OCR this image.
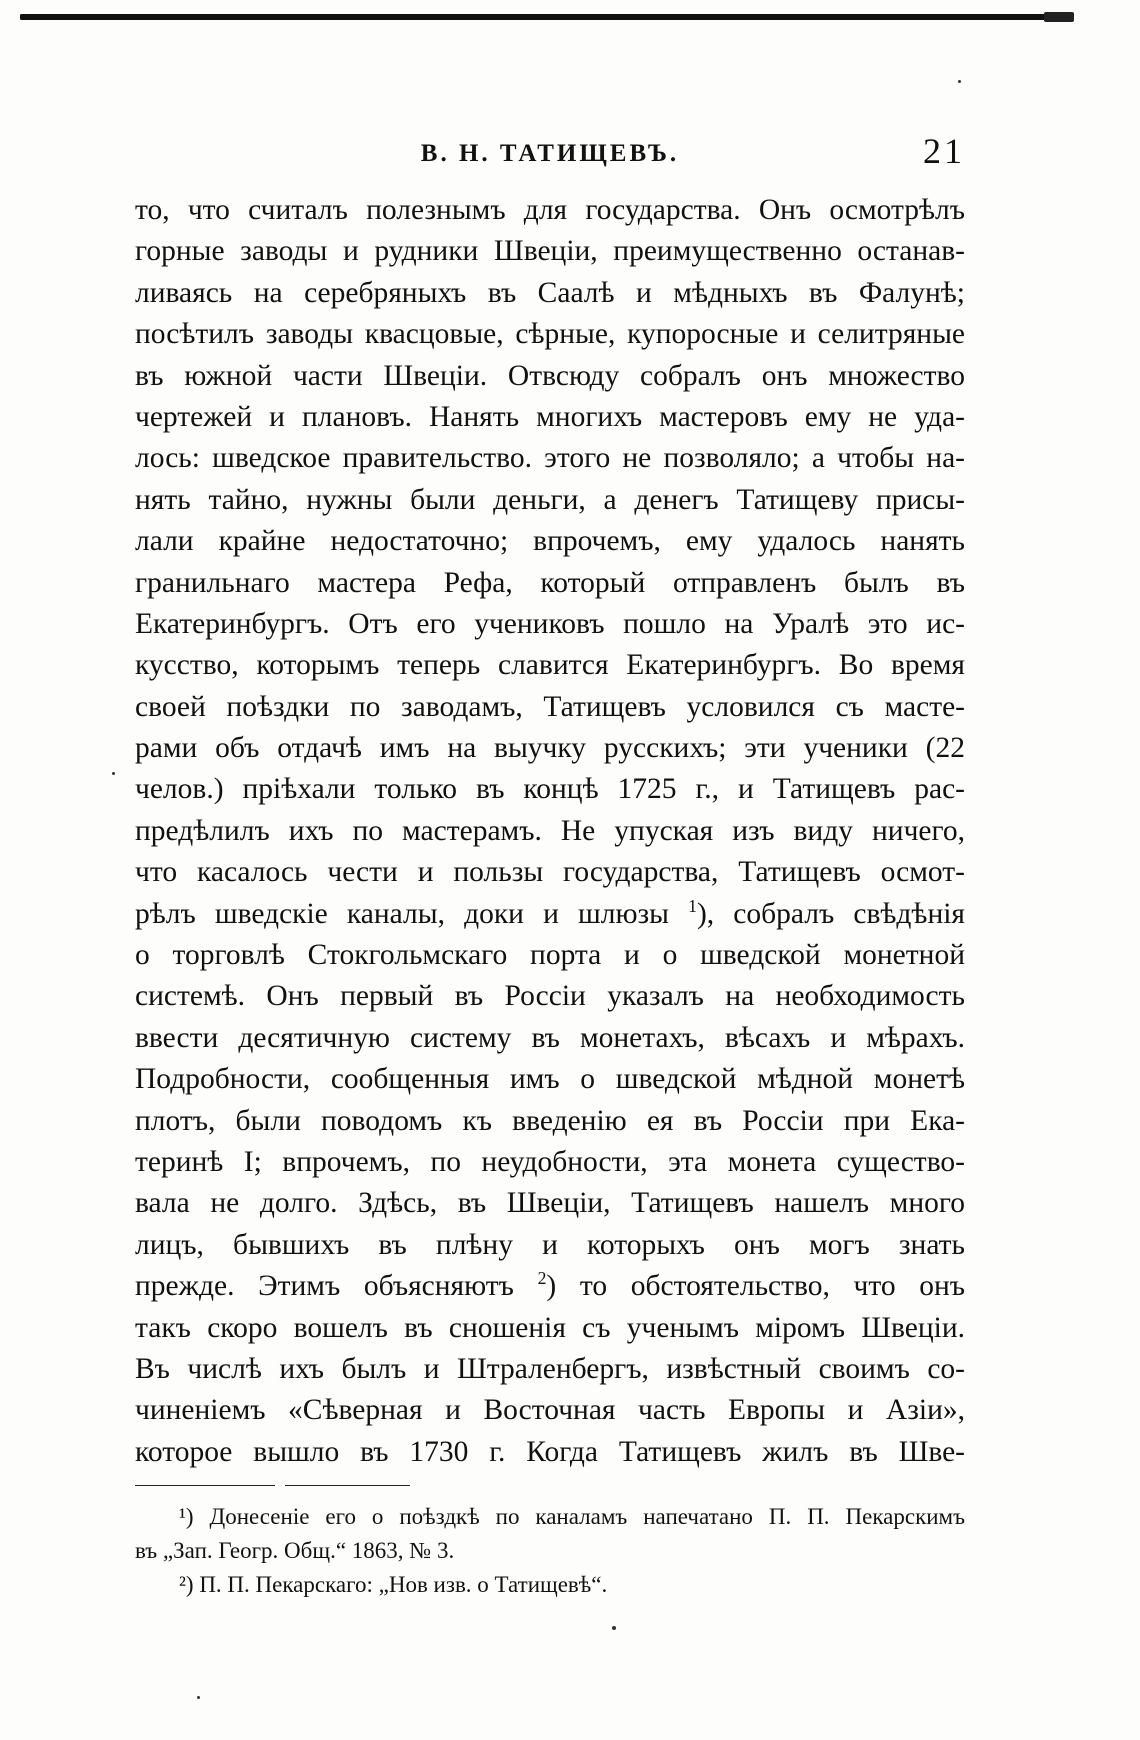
В. Н. ТАТИЩЕВЪ.	21
то, что считалъ полезнымъ для государства. Онъ осмотрѣлъ
горные заводы и рудники Швеціи, преимущественно останав-
ливаясь на серебряныхъ въ Саалѣ и мѣдныхъ въ Фалунѣ;
посѣтилъ заводы квасцовые, сѣрные, купоросные и селитряные
въ южной части Швеціи. Отвсюду собралъ онъ множество
чертежей и плановъ. Нанять многихъ мастеровъ ему не уда-
лось: шведское правительство. этого не позволяло; а чтобы на-
нять тайно, нужны были деньги, а денегъ Татищеву присы-
лали крайне недостаточно; впрочемъ, ему удалось нанять
гранильнаго мастера Рефа, который отправленъ былъ въ
Екатеринбургъ. Отъ его учениковъ пошло на Уралѣ это ис-
кусство, которымъ теперь славится Екатеринбургъ. Во время
своей поѣздки по заводамъ, Татищевъ условился съ масте-
рами объ отдачѣ имъ на выучку русскихъ; эти ученики (22
челов.) пріѣхали только въ концѣ 1725 г., и Татищевъ рас-
предѣлилъ ихъ по мастерамъ. Не упуская изъ виду ничего,
что касалось чести и пользы государства, Татищевъ осмот-
рѣлъ шведскіе каналы, доки и шлюзы $^1$), собралъ свѣдѣнія
о торговлѣ Стокгольмскаго порта и о шведской монетной
системѣ. Онъ первый въ Россіи указалъ на необходимость
ввести десятичную систему въ монетахъ, вѣсахъ и мѣрахъ.
Подробности, сообщенныя имъ о шведской мѣдной монетѣ
плотъ, были поводомъ къ введенію ея въ Россіи при Ека-
теринѣ I; впрочемъ, по неудобности, эта монета существо-
вала не долго. Здѣсь, въ Швеціи, Татищевъ нашелъ много
лицъ, бывшихъ въ плѣну и которыхъ онъ могъ знать
прежде. Этимъ объясняютъ $^2$) то обстоятельство, что онъ
такъ скоро вошелъ въ сношенія съ ученымъ міромъ Швеціи.
Въ числѣ ихъ былъ и Штраленбергъ, извѣстный своимъ со-
чиненіемъ «Сѣверная и Восточная часть Европы и Азіи»,
которое вышло въ 1730 г. Когда Татищевъ жилъ въ Шве-
¹) Донесеніе его о поѣздкѣ по каналамъ напечатано П. П. Пекарскимъ
въ „Зап. Геогр. Общ.“ 1863, № 3.
²) П. П. Пекарскаго: „Нов изв. о Татищевѣ“.
